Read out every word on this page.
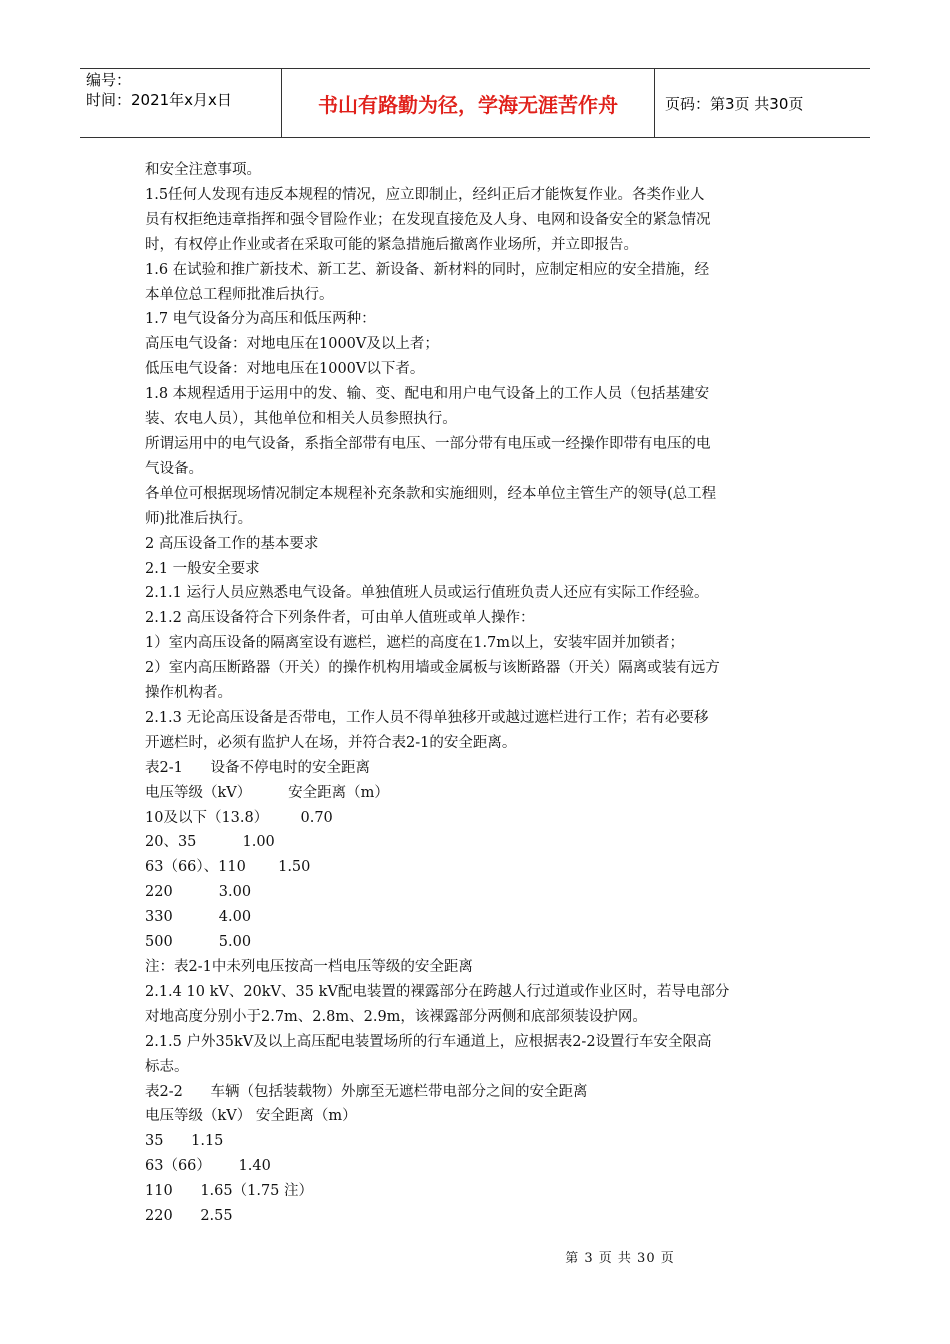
编号：
时间：2021年x月x日	书山有路勤为径，学海无涯苦作舟	页码：第3页 共30页

和安全注意事项。

1.5任何人发现有违反本规程的情况，应立即制止，经纠正后才能恢复作业。各类作业人

员有权拒绝违章指挥和强令冒险作业；在发现直接危及人身、电网和设备安全的紧急情况

时，有权停止作业或者在采取可能的紧急措施后撤离作业场所，并立即报告。

1.6 在试验和推广新技术、新工艺、新设备、新材料的同时，应制定相应的安全措施，经

本单位总工程师批准后执行。

1.7 电气设备分为高压和低压两种：

高压电气设备：对地电压在1000V及以上者；

低压电气设备：对地电压在1000V以下者。

1.8 本规程适用于运用中的发、输、变、配电和用户电气设备上的工作人员（包括基建安

装、农电人员），其他单位和相关人员参照执行。

所谓运用中的电气设备，系指全部带有电压、一部分带有电压或一经操作即带有电压的电

气设备。

各单位可根据现场情况制定本规程补充条款和实施细则，经本单位主管生产的领导(总工程

师)批准后执行。

2 高压设备工作的基本要求

2.1 一般安全要求

2.1.1 运行人员应熟悉电气设备。单独值班人员或运行值班负责人还应有实际工作经验。

2.1.2 高压设备符合下列条件者，可由单人值班或单人操作：

1）室内高压设备的隔离室设有遮栏，遮栏的高度在1.7m以上，安装牢固并加锁者；

2）室内高压断路器（开关）的操作机构用墙或金属板与该断路器（开关）隔离或装有远方

操作机构者。

2.1.3 无论高压设备是否带电，工作人员不得单独移开或越过遮栏进行工作；若有必要移

开遮栏时，必须有监护人在场，并符合表2-1的安全距离。

表2-1      设备不停电时的安全距离

电压等级（kV）        安全距离（m）

10及以下（13.8）       0.70

20、35          1.00

63（66）、110       1.50

220          3.00

330          4.00

500          5.00

注：表2-1中未列电压按高一档电压等级的安全距离

2.1.4 10 kV、20kV、35 kV配电装置的裸露部分在跨越人行过道或作业区时，若导电部分

对地高度分别小于2.7m、2.8m、2.9m，该裸露部分两侧和底部须装设护网。

2.1.5 户外35kV及以上高压配电装置场所的行车通道上，应根据表2-2设置行车安全限高

标志。

表2-2      车辆（包括装载物）外廓至无遮栏带电部分之间的安全距离

电压等级（kV） 安全距离（m）

35      1.15

63（66）      1.40

110      1.65（1.75 注）

220      2.55

第 3 页 共 30 页
